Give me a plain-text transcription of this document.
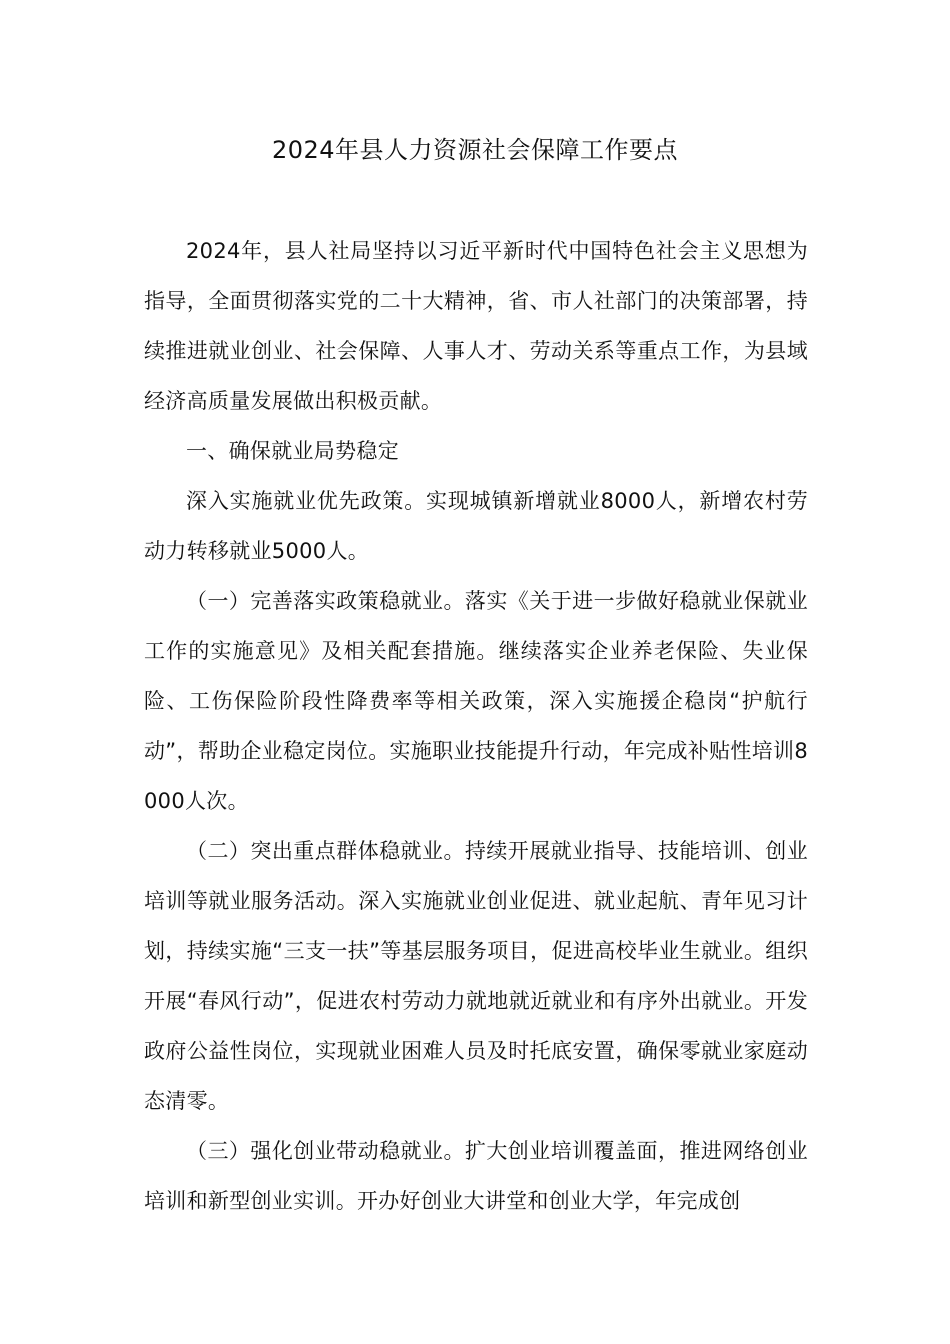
2024年县人力资源社会保障工作要点

2024年，县人社局坚持以习近平新时代中国特色社会主义思想为指导，全面贯彻落实党的二十大精神，省、市人社部门的决策部署，持续推进就业创业、社会保障、人事人才、劳动关系等重点工作，为县域经济高质量发展做出积极贡献。

一、确保就业局势稳定

深入实施就业优先政策。实现城镇新增就业8000人，新增农村劳动力转移就业5000人。

（一）完善落实政策稳就业。落实《关于进一步做好稳就业保就业工作的实施意见》及相关配套措施。继续落实企业养老保险、失业保险、工伤保险阶段性降费率等相关政策，深入实施援企稳岗“护航行动”，帮助企业稳定岗位。实施职业技能提升行动，年完成补贴性培训8000人次。

（二）突出重点群体稳就业。持续开展就业指导、技能培训、创业培训等就业服务活动。深入实施就业创业促进、就业起航、青年见习计划，持续实施“三支一扶”等基层服务项目，促进高校毕业生就业。组织开展“春风行动”，促进农村劳动力就地就近就业和有序外出就业。开发政府公益性岗位，实现就业困难人员及时托底安置，确保零就业家庭动态清零。

（三）强化创业带动稳就业。扩大创业培训覆盖面，推进网络创业培训和新型创业实训。开办好创业大讲堂和创业大学，年完成创
